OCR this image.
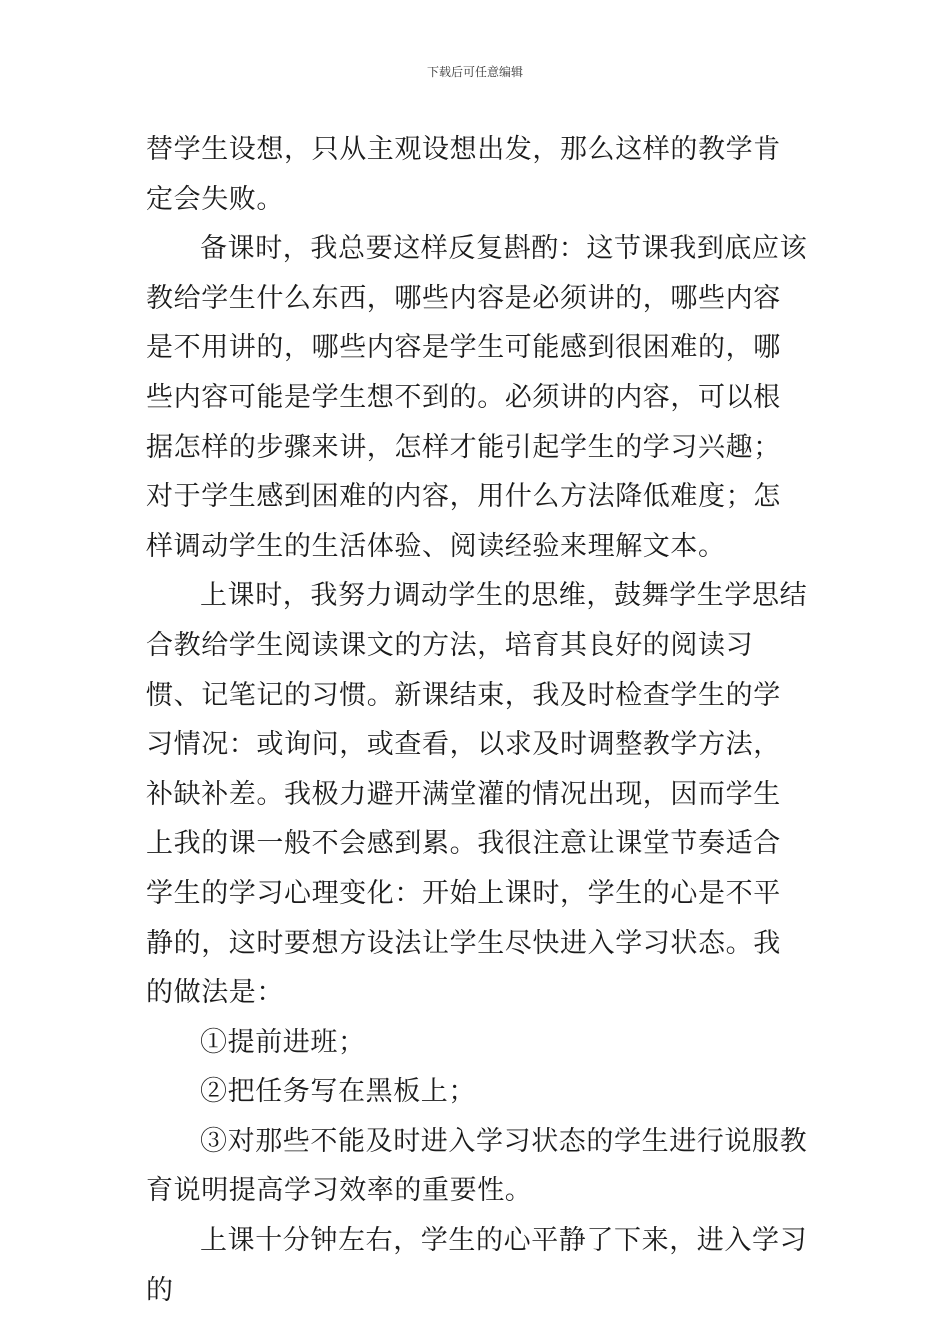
下载后可任意编辑

替学生设想，只从主观设想出发，那么这样的教学肯定会失败。

备课时，我总要这样反复斟酌：这节课我到底应该教给学生什么东西，哪些内容是必须讲的，哪些内容是不用讲的，哪些内容是学生可能感到很困难的，哪些内容可能是学生想不到的。必须讲的内容，可以根据怎样的步骤来讲，怎样才能引起学生的学习兴趣；对于学生感到困难的内容，用什么方法降低难度；怎样调动学生的生活体验、阅读经验来理解文本。

上课时，我努力调动学生的思维，鼓舞学生学思结合教给学生阅读课文的方法，培育其良好的阅读习惯、记笔记的习惯。新课结束，我及时检查学生的学习情况：或询问，或查看，以求及时调整教学方法，补缺补差。我极力避开满堂灌的情况出现，因而学生上我的课一般不会感到累。我很注意让课堂节奏适合学生的学习心理变化：开始上课时，学生的心是不平静的，这时要想方设法让学生尽快进入学习状态。我的做法是：

①提前进班；

②把任务写在黑板上；

③对那些不能及时进入学习状态的学生进行说服教育说明提高学习效率的重要性。

上课十分钟左右，学生的心平静了下来，进入学习的
